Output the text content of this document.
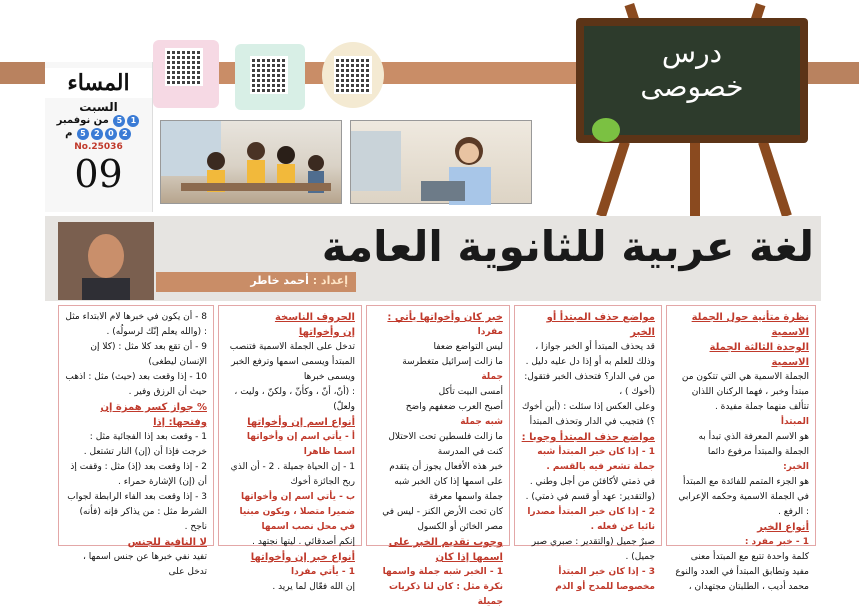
المساء
السبت
15 من نوفمبر
2025 م
No.25036
09
درس
خصوصى
لغة عربية للثانوية العامة
إعداد : أحمد خاطر
نظرة متأنية حول الجملة الاسمية
الوحدة الثالثة الجملة الاسمية
الجملة الاسمية هي التي تتكون من مبتدأ وخبر ، فهما الركنان اللذان تتألف منهما جملة مفيدة .
المبتدأ
هو الاسم المعرفة الذي تبدأ به الجملة والمبتدأ مرفوع دائما
الخبر:
هو الجزء المتمم للفائدة مع المبتدأ في الجملة الاسمية وحكمه الإعرابي : الرفع .
أنواع الخبر
1 - خبر مفرد :
كلمة واحدة تتبع مع المبتدأ معنى مفيد وتطابق المبتدأ في العدد والنوع
محمد أديب ، الطلبتان مجتهدان ،
مواضع حذف المبتدأ أو الخبر
قد يحذف المبتدأ أو الخبر جوازا ، وذلك للعلم به أو إذا دل عليه دليل .
من في الدار؟ فتحذف الخبر فتقول: (أخوك ) ،
وعلى العكس إذا سئلت : (أين أخوك ؟) فتجيب في الدار وتحذف المبتدأ
مواضع حذف المبتدأ وجوبا :
1 - إذا كان خبر المبتدأ شبه جملة تشعر فيه بالقسم .
في ذمتي لأكافئن من أجل وطني . (والتقدير: عهد أو قسم في ذمتي) .
2 - إذا كان خبر المبتدأ مصدرا نائبا عن فعله .
صبرٌ جميل (والتقدير : صبري صبر جميل) .
3 - إذا كان خبر المبتدأ مخصوصا للمدح أو الذم
خبر كان وأخواتها يأتي :
مفردا
ليس التواضع ضعفا
ما زالت إسرائيل متغطرسة
جملة
أمسى البيت تأكل
أصبح العرب ضعفهم واضح
شبه جملة
ما زالت فلسطين تحت الاحتلال
كنت في المدرسة
خبر هذه الأفعال يجوز أن يتقدم على اسمها إذا كان الخبر شبه جملة واسمها معرفة
كان تحت الأرض الكنز - ليس في مصر الخائن أو الكسول
وجوب تقديم الخبر على اسمها إذا كان
1 - الخبر شبه جملة واسمها نكرة مثل : كان لنا ذكريات جميلة
الحروف الناسخة
إن وأخواتها
تدخل على الجملة الاسمية فتنصب المبتدأ ويسمى اسمها وترفع الخبر ويسمى خبرها
: (أنّ، أنّ ، وكأنّ ، ولكنّ ، وليت ، ولعلّ)
أنواع اسم إن وأخواتها
أ - يأتي اسم إن وأخواتها اسما ظاهرا
1 - إن الحياة جميلة . 2 - أن الذي ربح الجائزة أخوك
ب - يأتي اسم إن وأخواتها ضميرا متصلا ، ويكون مبنيا في محل نصب اسمها
إنكم أصدقائي . ليتها نجتهد .
أنواع خبر إن وأخواتها
1 - يأتي مفردا
إن الله فعّال لما يريد .
8 - أن يكون في خبرها لام الابتداء مثل : (والله يعلم إنّك لرسولُه) .
9 - أن تقع بعد كلا مثل : (كلا إن الإنسان ليطغى)
10 - إذا وقعت بعد (حيث) مثل : اذهب حيث أن الرزق وفير .
% جواز كسر همزة إن وفتحها: إذا
1 - وقعت بعد إذا الفجائية مثل : خرجت فإذا أن (إن) النار تشتعل .
2 - إذا وقعت بعد (إذ) مثل : وقفت إذ أن (إن) الإشارة حمراء .
3 - إذا وقعت بعد الفاء الرابطة لجواب الشرط مثل : من يذاكر فإنه (فأنه) ناجح .
لا النافية للجنس
تفيد نفي خبرها عن جنس اسمها ، تدخل على
